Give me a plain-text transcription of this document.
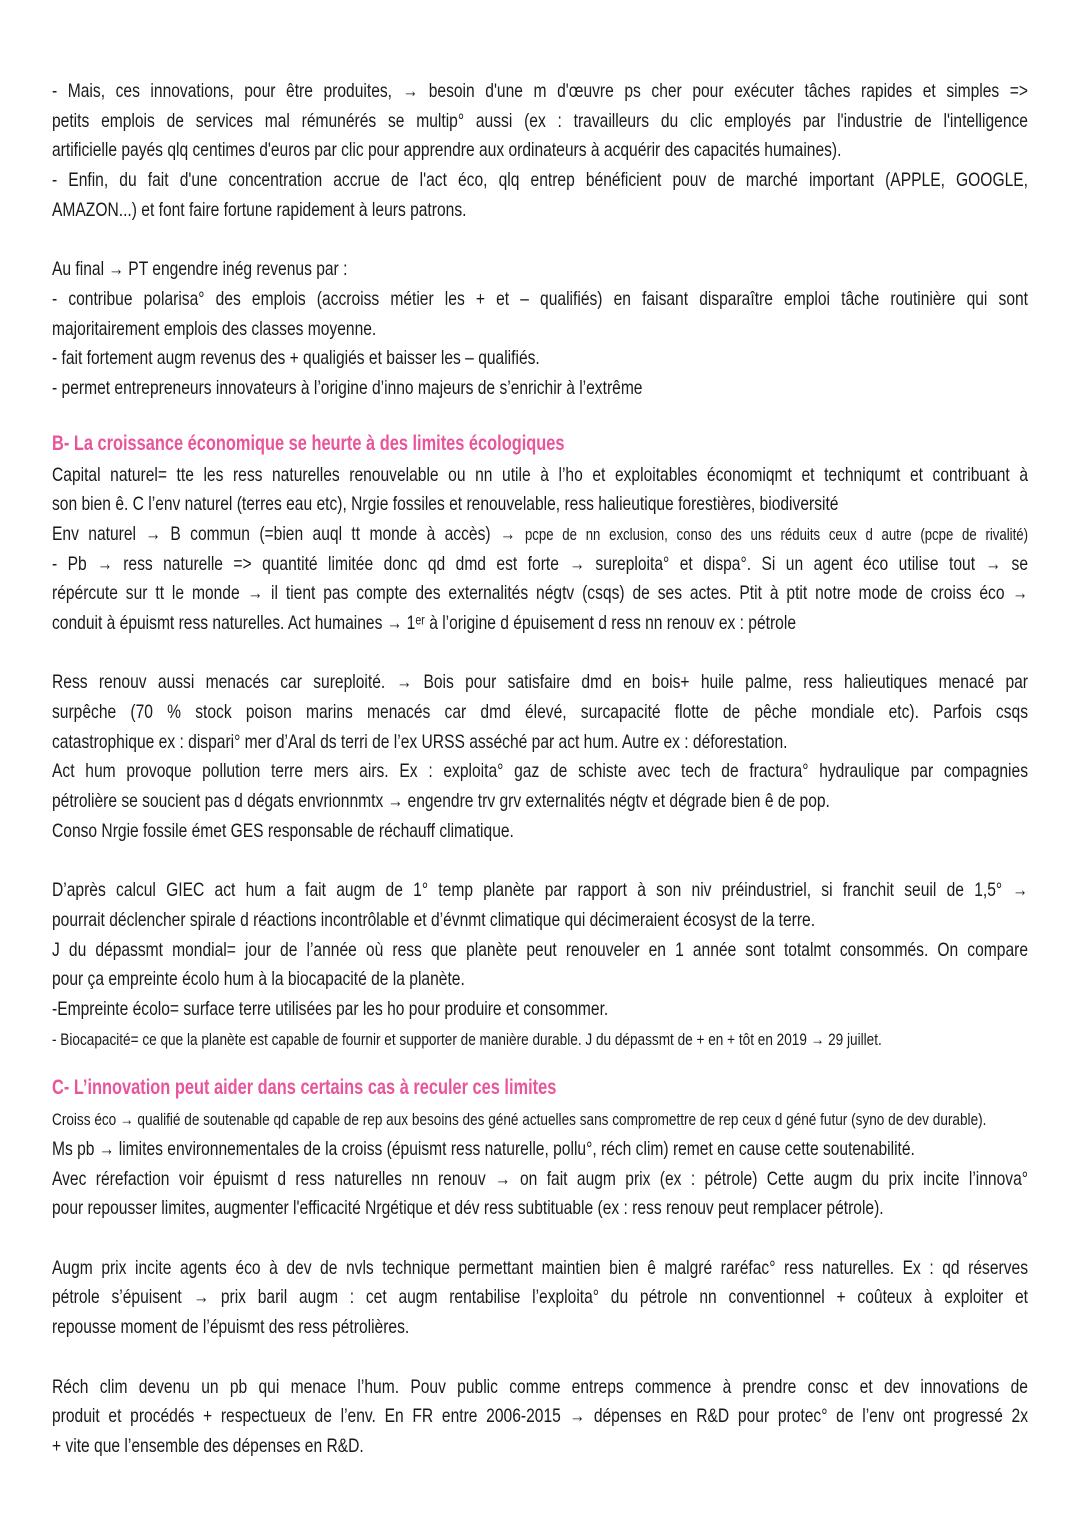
- Mais, ces innovations, pour être produites, → besoin d'une m d'œuvre ps cher pour exécuter tâches rapides et simples =>
petits emplois de services mal rémunérés se multip° aussi (ex : travailleurs du clic employés par l'industrie de l'intelligence
artificielle payés qlq centimes d'euros par clic pour apprendre aux ordinateurs à acquérir des capacités humaines).
- Enfin, du fait d'une concentration accrue de l'act éco, qlq entrep bénéficient pouv de marché important (APPLE, GOOGLE,
AMAZON...) et font faire fortune rapidement à leurs patrons.
Au final → PT engendre inég revenus par :
- contribue polarisa° des emplois (accroiss métier les + et – qualifiés) en faisant disparaître emploi tâche routinière qui sont
majoritairement emplois des classes moyenne.
- fait fortement augm revenus des + qualigiés et baisser les – qualifiés.
- permet entrepreneurs innovateurs à l’origine d’inno majeurs de s’enrichir à l’extrême
B- La croissance économique se heurte à des limites écologiques
Capital naturel= tte les ress naturelles renouvelable ou nn utile à l’ho et exploitables économiqmt et techniqumt et contribuant à
son bien ê. C l’env naturel (terres eau etc), Nrgie fossiles et renouvelable, ress halieutique forestières, biodiversité
Env naturel → B commun (=bien auql tt monde à accès) → pcpe de nn exclusion, conso des uns réduits ceux d autre (pcpe de rivalité)
- Pb → ress naturelle => quantité limitée donc qd dmd est forte → sureploita° et dispa°. Si un agent éco utilise tout → se
répércute sur tt le monde → il tient pas compte des externalités négtv (csqs) de ses actes. Ptit à ptit notre mode de croiss éco →
conduit à épuismt ress naturelles. Act humaines → 1ᵉʳ à l’origine d épuisement d ress nn renouv ex : pétrole
Ress renouv aussi menacés car sureploité. → Bois pour satisfaire dmd en bois+ huile palme, ress halieutiques menacé par
surpêche (70 % stock poison marins menacés car dmd élevé, surcapacité flotte de pêche mondiale etc). Parfois csqs
catastrophique ex : dispari° mer d’Aral ds terri de l’ex URSS asséché par act hum. Autre ex : déforestation.
Act hum provoque pollution terre mers airs. Ex : exploita° gaz de schiste avec tech de fractura° hydraulique par compagnies
pétrolière se soucient pas d dégats envrionnmtx → engendre trv grv externalités négtv et dégrade bien ê de pop.
Conso Nrgie fossile émet GES responsable de réchauff climatique.
D’après calcul GIEC act hum a fait augm de 1° temp planète par rapport à son niv préindustriel, si franchit seuil de 1,5° →
pourrait déclencher spirale d réactions incontrôlable et d’évnmt climatique qui décimeraient écosyst de la terre.
J du dépassmt mondial= jour de l’année où ress que planète peut renouveler en 1 année sont totalmt consommés. On compare
pour ça empreinte écolo hum à la biocapacité de la planète.
-Empreinte écolo= surface terre utilisées par les ho pour produire et consommer.
- Biocapacité= ce que la planète est capable de fournir et supporter de manière durable. J du dépassmt de + en + tôt en 2019 → 29 juillet.
C- L’innovation peut aider dans certains cas à reculer ces limites
Croiss éco → qualifié de soutenable qd capable de rep aux besoins des géné actuelles sans compromettre de rep ceux d géné futur (syno de dev durable).
Ms pb → limites environnementales de la croiss (épuismt ress naturelle, pollu°, réch clim) remet en cause cette soutenabilité.
Avec rérefaction voir épuismt d ress naturelles nn renouv → on fait augm prix (ex : pétrole) Cette augm du prix incite l’innova°
pour repousser limites, augmenter l'efficacité Nrgétique et dév ress subtituable (ex : ress renouv peut remplacer pétrole).
Augm prix incite agents éco à dev de nvls technique permettant maintien bien ê malgré raréfac° ress naturelles. Ex : qd réserves
pétrole s’épuisent → prix baril augm : cet augm rentabilise l’exploita° du pétrole nn conventionnel + coûteux à exploiter et
repousse moment de l’épuismt des ress pétrolières.
Réch clim devenu un pb qui menace l’hum. Pouv public comme entreps commence à prendre consc et dev innovations de
produit et procédés + respectueux de l’env. En FR entre 2006-2015 → dépenses en R&D pour protec° de l’env ont progressé 2x
+ vite que l’ensemble des dépenses en R&D.
